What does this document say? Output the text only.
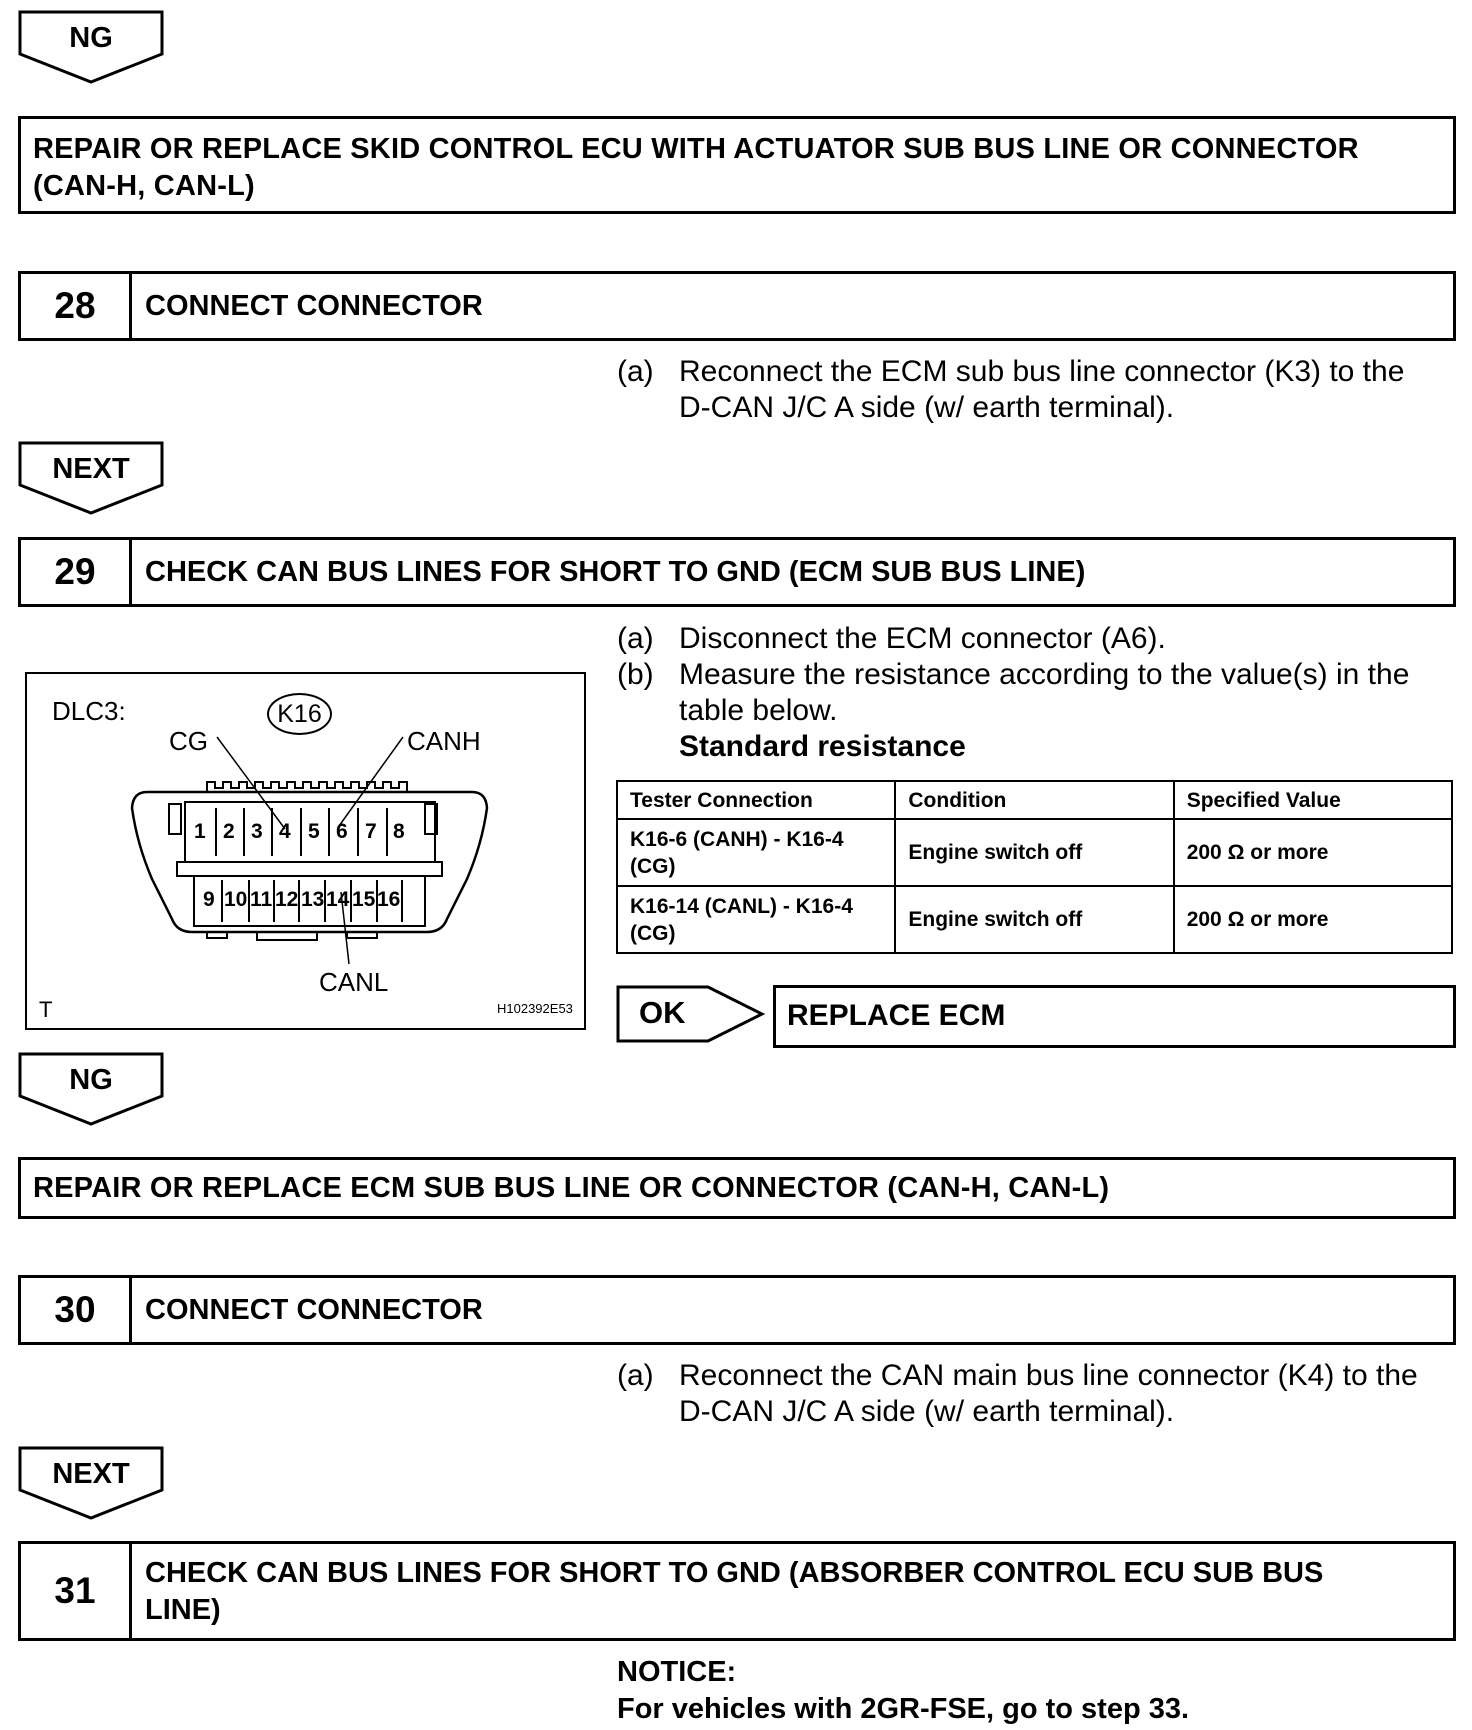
NG
REPAIR OR REPLACE SKID CONTROL ECU WITH ACTUATOR SUB BUS LINE OR CONNECTOR
(CAN-H, CAN-L)
28	CONNECT CONNECTOR
(a) Reconnect the ECM sub bus line connector (K3) to the
D-CAN J/C A side (w/ earth terminal).
NEXT
29	CHECK CAN BUS LINES FOR SHORT TO GND (ECM SUB BUS LINE)
(a) Disconnect the ECM connector (A6).
(b) Measure the resistance according to the value(s) in the
table below.
Standard resistance
Tester Connection	Condition	Specified Value

K16-6 (CANH) - K16-4
(CG)	Engine switch off	200 Ω or more

K16-14 (CANL) - K16-4
(CG)	Engine switch off	200 Ω or more
OK	REPLACE ECM
DLC3:	K16
CG	CANH
CANL
T	H102392E53
1 2 3 4 5 6 7 8
9 10 11 12 13 14 15 16
NG
REPAIR OR REPLACE ECM SUB BUS LINE OR CONNECTOR (CAN-H, CAN-L)
30	CONNECT CONNECTOR
(a) Reconnect the CAN main bus line connector (K4) to the
D-CAN J/C A side (w/ earth terminal).
NEXT
31	CHECK CAN BUS LINES FOR SHORT TO GND (ABSORBER CONTROL ECU SUB BUS
LINE)
NOTICE:
For vehicles with 2GR-FSE, go to step 33.
